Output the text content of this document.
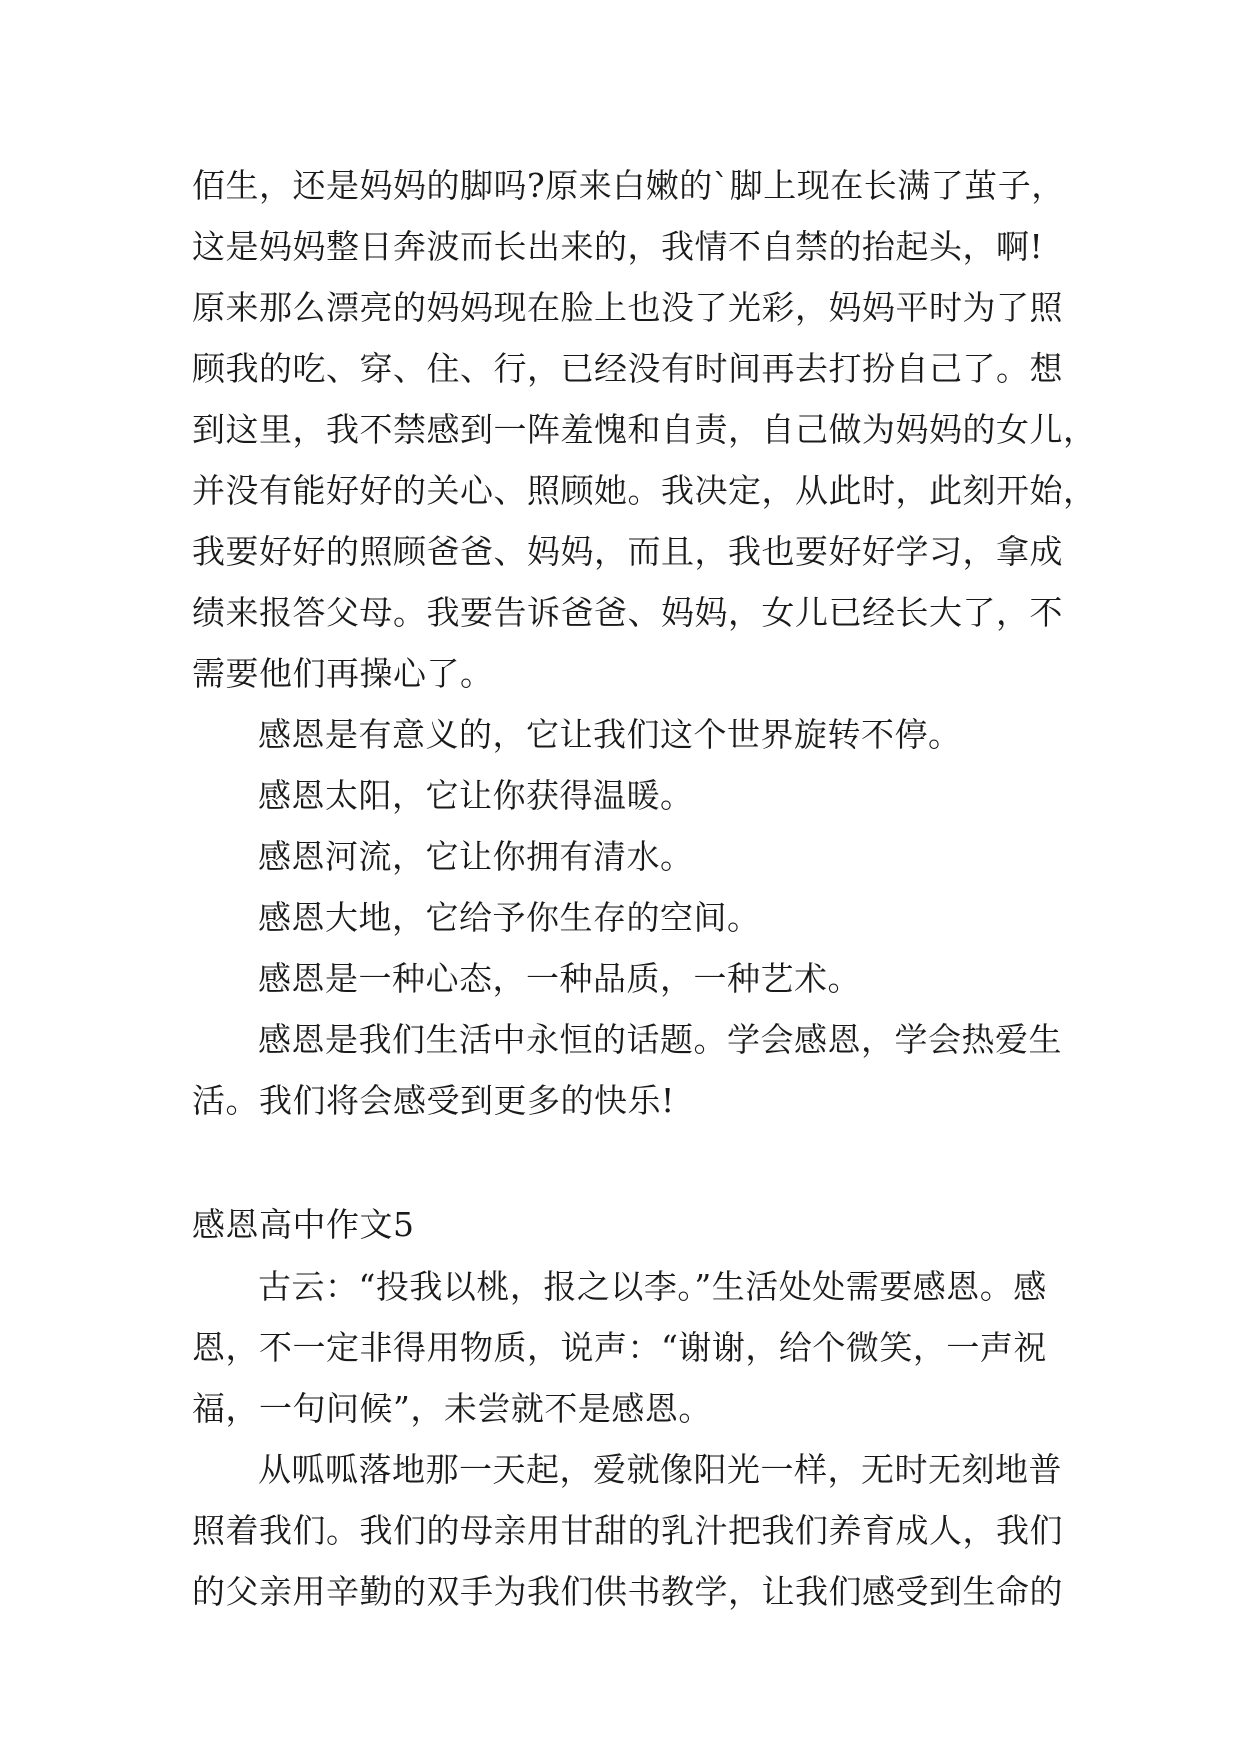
佰生，还是妈妈的脚吗?原来白嫩的`脚上现在长满了茧子，
这是妈妈整日奔波而长出来的，我情不自禁的抬起头，啊!
原来那么漂亮的妈妈现在脸上也没了光彩，妈妈平时为了照
顾我的吃、穿、住、行，已经没有时间再去打扮自己了。想
到这里，我不禁感到一阵羞愧和自责，自己做为妈妈的女儿，
并没有能好好的关心、照顾她。我决定，从此时，此刻开始，
我要好好的照顾爸爸、妈妈，而且，我也要好好学习，拿成
绩来报答父母。我要告诉爸爸、妈妈，女儿已经长大了，不
需要他们再操心了。
感恩是有意义的，它让我们这个世界旋转不停。
感恩太阳，它让你获得温暖。
感恩河流，它让你拥有清水。
感恩大地，它给予你生存的空间。
感恩是一种心态，一种品质，一种艺术。
感恩是我们生活中永恒的话题。学会感恩，学会热爱生
活。我们将会感受到更多的快乐!
感恩高中作文5
古云：“投我以桃，报之以李。”生活处处需要感恩。感
恩，不一定非得用物质，说声：“谢谢，给个微笑，一声祝
福，一句问候”，未尝就不是感恩。
从呱呱落地那一天起，爱就像阳光一样，无时无刻地普
照着我们。我们的母亲用甘甜的乳汁把我们养育成人，我们
的父亲用辛勤的双手为我们供书教学，让我们感受到生命的
